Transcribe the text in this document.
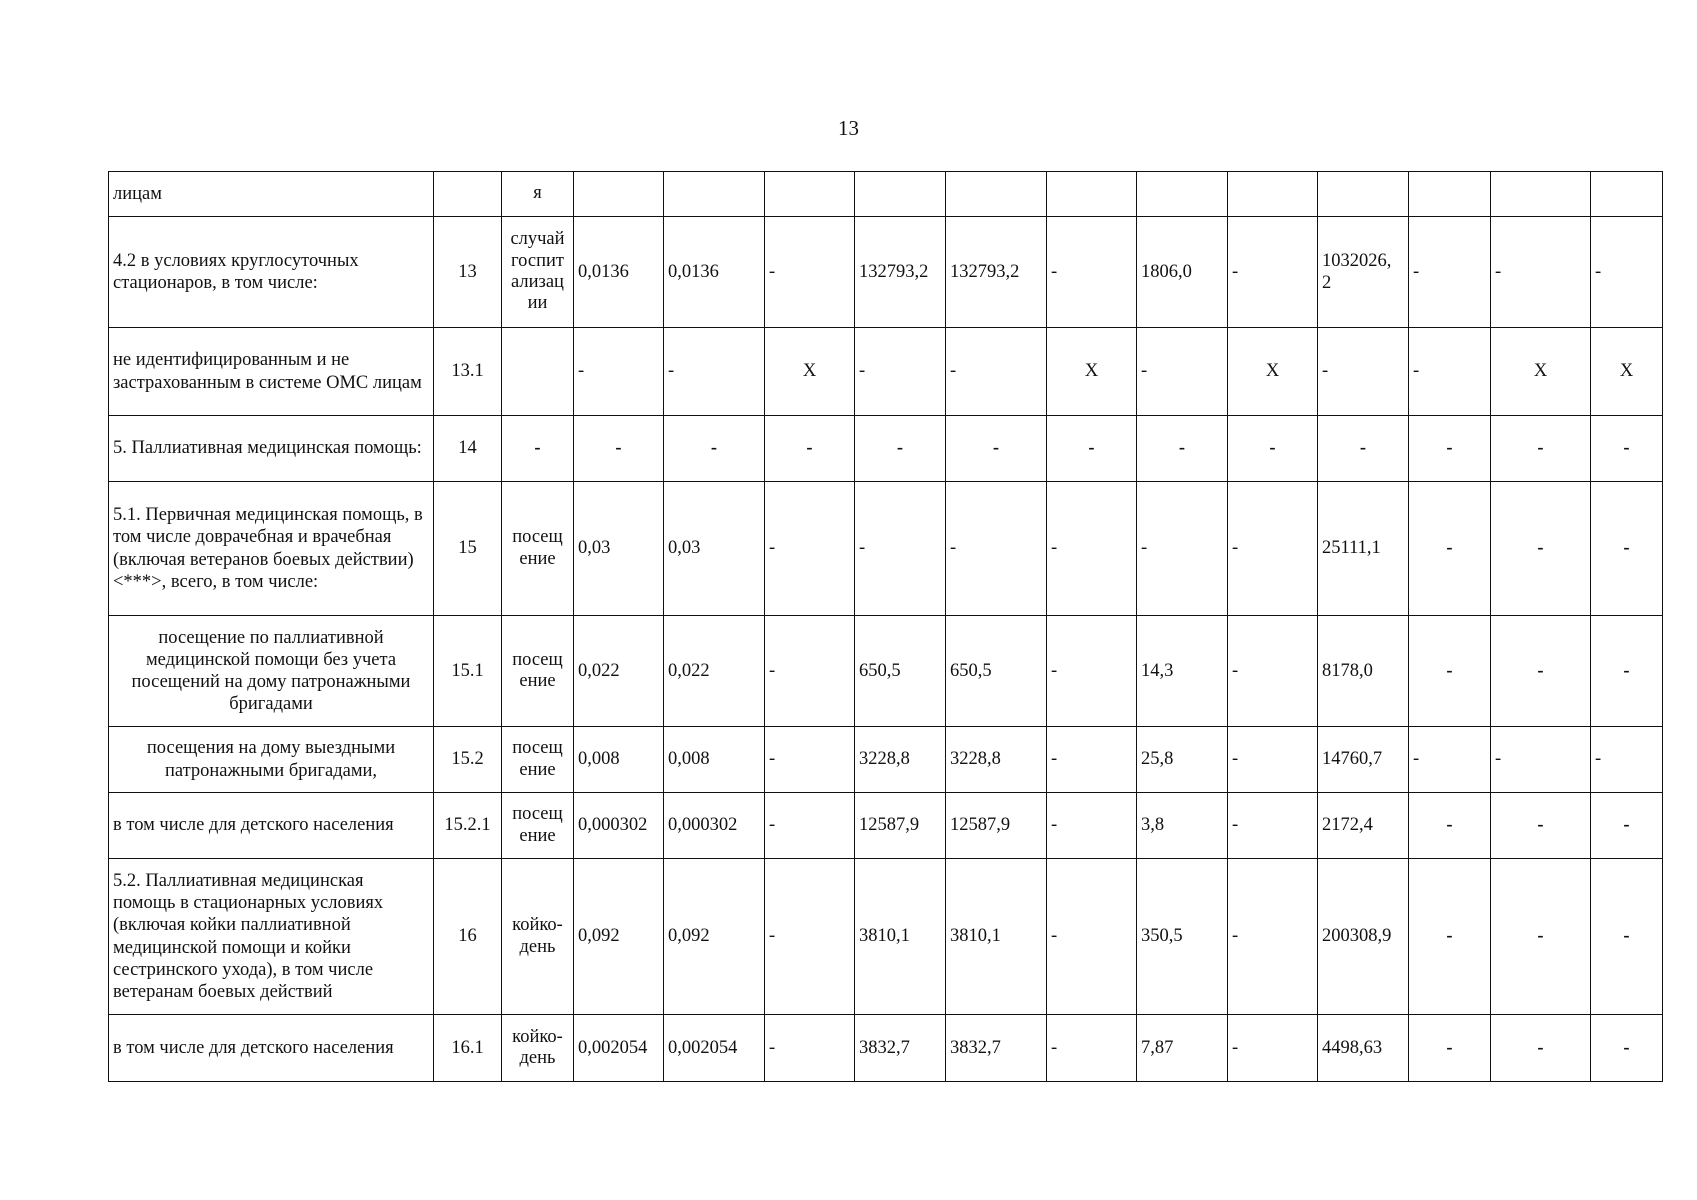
13
лицам		я												
4.2 в условиях круглосуточных стационаров, в том числе:	13	случай госпит ализац ии	0,0136	0,0136	-	132793,2	132793,2	-	1806,0	-	1032026, 2	-	-	-
не идентифицированным и не застрахованным в системе ОМС лицам	13.1		-	-	Х	-	-	Х	-	Х	-	-	Х	Х
5. Паллиативная медицинская помощь:	14	-	-	-	-	-	-	-	-	-	-	-	-	-
5.1. Первичная медицинская помощь, в том числе доврачебная и врачебная (включая ветеранов боевых действии) <***>, всего, в том числе:	15	посещ ение	0,03	0,03	-	-	-	-	-	-	25111,1	-	-	-
посещение по паллиативной медицинской помощи без учета посещений на дому патронажными бригадами	15.1	посещ ение	0,022	0,022	-	650,5	650,5	-	14,3	-	8178,0	-	-	-
посещения на дому выездными патронажными бригадами,	15.2	посещ ение	0,008	0,008	-	3228,8	3228,8	-	25,8	-	14760,7	-	-	-
в том числе для детского населения	15.2.1	посещ ение	0,000302	0,000302	-	12587,9	12587,9	-	3,8	-	2172,4	-	-	-
5.2. Паллиативная медицинская помощь в стационарных условиях (включая койки паллиативной медицинской помощи и койки сестринского ухода), в том числе ветеранам боевых действий	16	койко- день	0,092	0,092	-	3810,1	3810,1	-	350,5	-	200308,9	-	-	-
в том числе для детского населения	16.1	койко- день	0,002054	0,002054	-	3832,7	3832,7	-	7,87	-	4498,63	-	-	-
